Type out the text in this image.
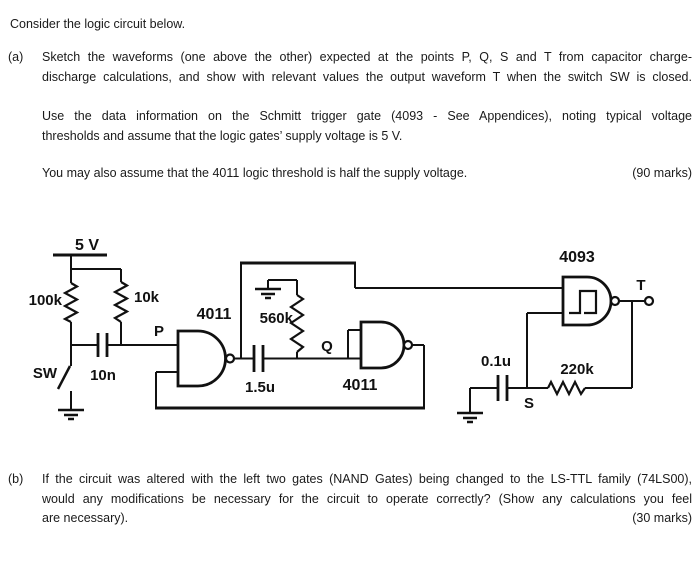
Consider the logic circuit below.
(a) Sketch the waveforms (one above the other) expected at the points P, Q, S and T from capacitor charge-
discharge calculations, and show with relevant values the output waveform T when the switch SW is closed.
Use the data information on the Schmitt trigger gate (4093 - See Appendices), noting typical voltage
thresholds and assume that the logic gates’ supply voltage is 5 V.
You may also assume that the 4011 logic threshold is half the supply voltage.	(90 marks)
5 V
100k	10k
SW 10n
P
4011
1.5u
560k
Q
4011
4093
T
220k
0.1u
S
(b) If the circuit was altered with the left two gates (NAND Gates) being changed to the LS-TTL family (74LS00),
would any modifications be necessary for the circuit to operate correctly? (Show any calculations you feel
are necessary).	(30 marks)
